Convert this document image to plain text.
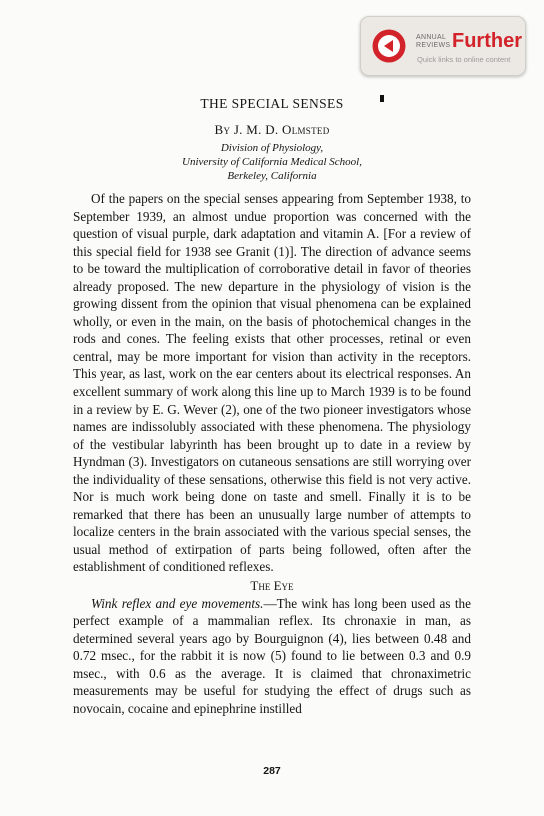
ANNUAL REVIEWS Further
Quick links to online content
THE SPECIAL SENSES
By J. M. D. Olmsted
Division of Physiology,
University of California Medical School,
Berkeley, California

Of the papers on the special senses appearing from September 1938, to September 1939, an almost undue proportion was concerned with the question of visual purple, dark adaptation and vitamin A. [For a review of this special field for 1938 see Granit (1)]. The direction of advance seems to be toward the multiplication of corroborative detail in favor of theories already proposed. The new departure in the physiology of vision is the growing dissent from the opinion that visual phenomena can be explained wholly, or even in the main, on the basis of photochemical changes in the rods and cones. The feeling exists that other processes, retinal or even central, may be more important for vision than activity in the receptors. This year, as last, work on the ear centers about its electrical responses. An excellent summary of work along this line up to March 1939 is to be found in a review by E. G. Wever (2), one of the two pioneer investigators whose names are indissolubly associated with these phenomena. The physiology of the vestibular labyrinth has been brought up to date in a review by Hyndman (3). Investigators on cutaneous sensations are still worrying over the individuality of these sensations, otherwise this field is not very active. Nor is much work being done on taste and smell. Finally it is to be remarked that there has been an unusually large number of attempts to localize centers in the brain associated with the various special senses, the usual method of extirpation of parts being followed, often after the establishment of conditioned reflexes.

The Eye

Wink reflex and eye movements.—The wink has long been used as the perfect example of a mammalian reflex. Its chronaxie in man, as determined several years ago by Bourguignon (4), lies between 0.48 and 0.72 msec., for the rabbit it is now (5) found to lie between 0.3 and 0.9 msec., with 0.6 as the average. It is claimed that chronaximetric measurements may be useful for studying the effect of drugs such as novocain, cocaine and epinephrine instilled

287
